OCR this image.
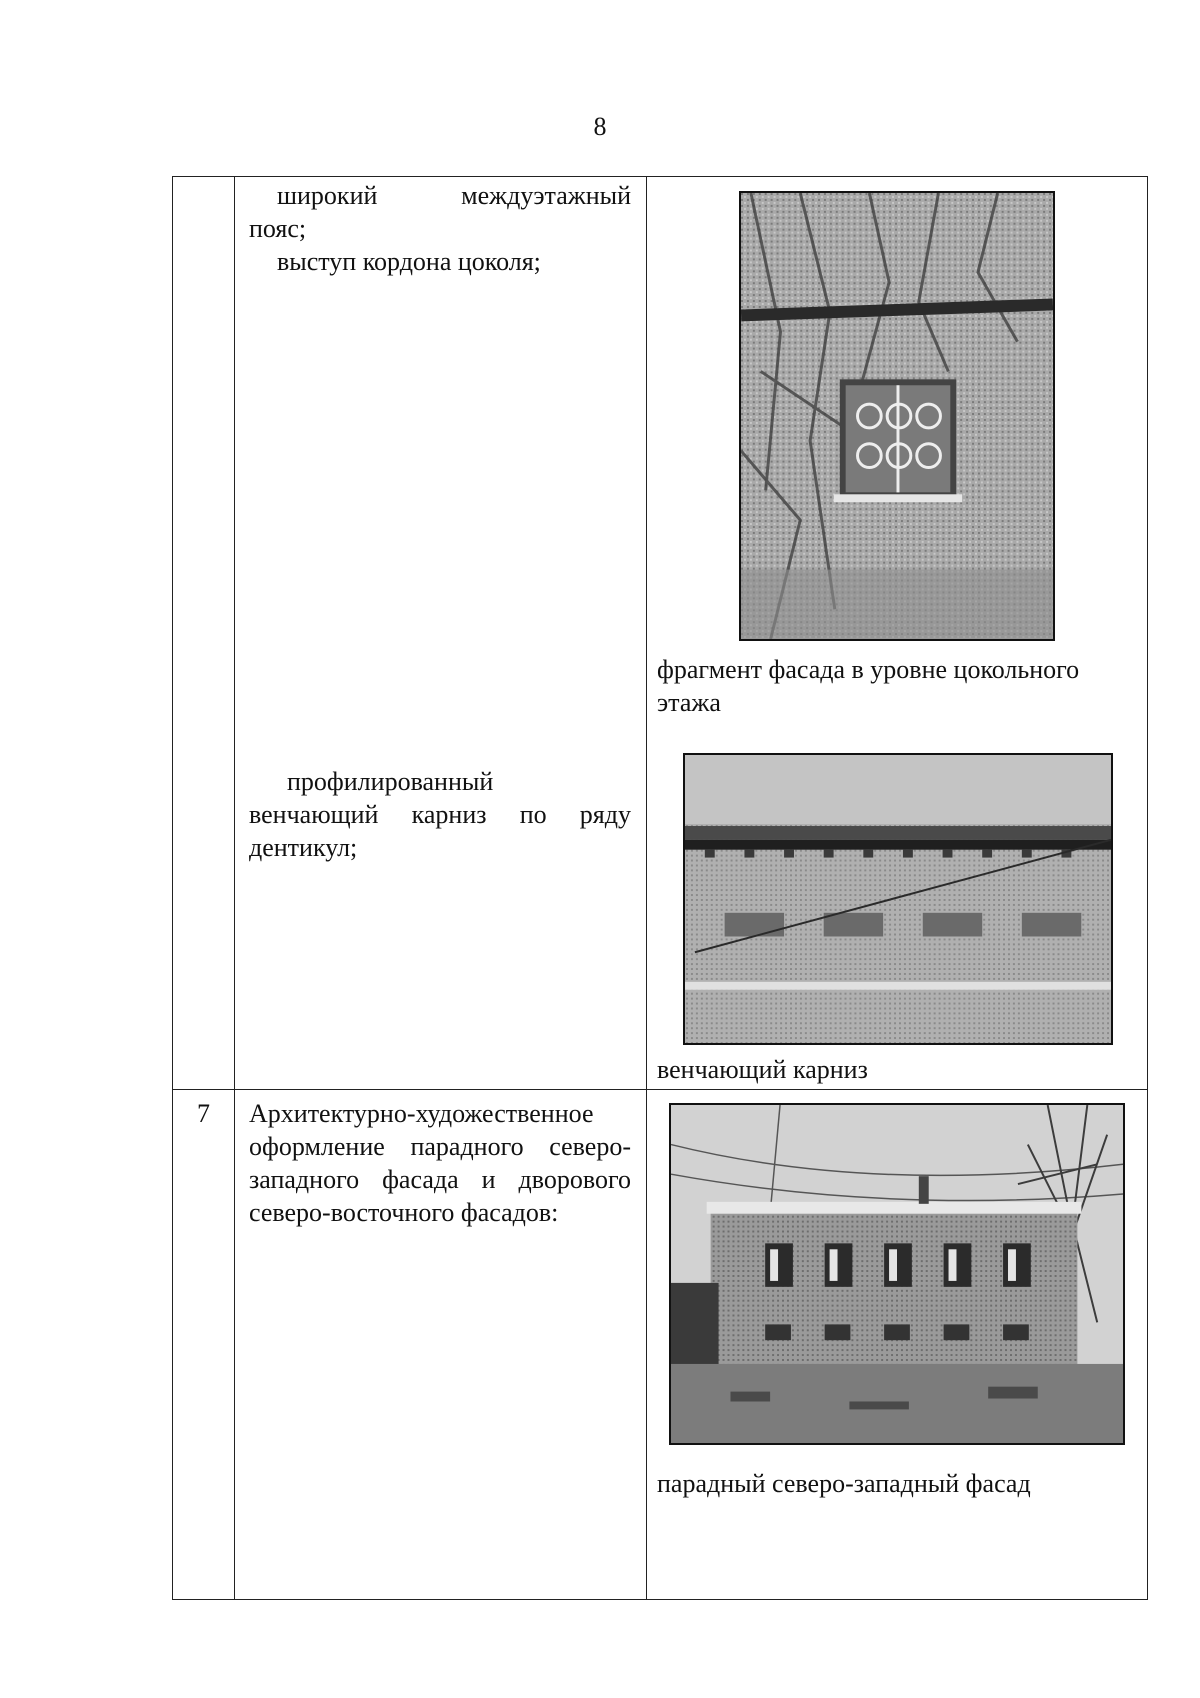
8
широкий	междуэтажный
пояс;
выступ кордона цоколя;
профилированный
венчающий карниз по ряду
дентикул;
фрагмент фасада в уровне цокольного
этажа
венчающий карниз
7	Архитектурно-художественное
оформление парадного северо-
западного фасада и дворового
северо-восточного фасадов:
парадный северо-западный фасад
